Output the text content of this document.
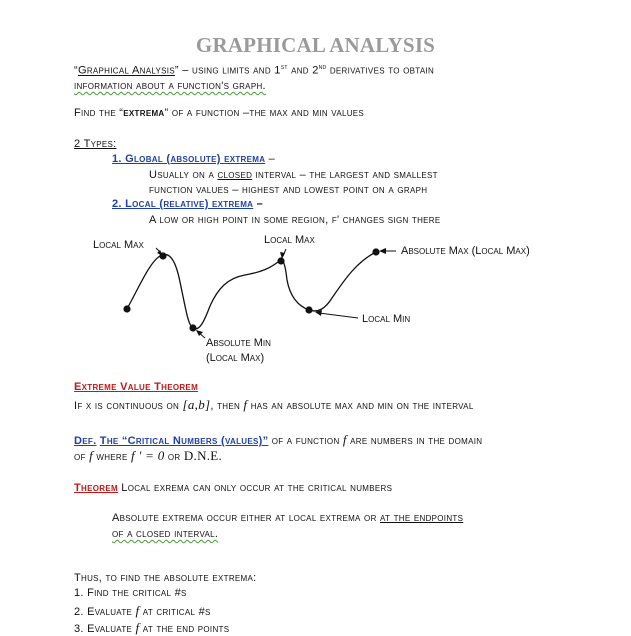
GRAPHICAL ANALYSIS
“Graphical Analysis” – using limits and 1st and 2nd derivatives to obtain
information about a function's graph.
Find the “extrema” of a function –the max and min values
2 Types:
1. Global (absolute) extrema –
Usually on a closed interval – the largest and smallest
function values – highest and lowest point on a graph
2. Local (relative) extrema –
A low or high point in some region, f' changes sign there
Local Max	Local Max
Absolute Max (Local Max)
Local Min
Absolute Min
(Local Max)
Extreme Value Theorem
If x is continuous on [a,b], then f has an absolute max and min on the interval
Def. The “Critical Numbers (values)” of a function f are numbers in the domain
of f where f ' = 0 or D.N.E.
Theorem Local exrema can only occur at the critical numbers
Absolute extrema occur either at local extrema or at the endpoints
of a closed interval.
Thus, to find the absolute extrema:
1. Find the critical #s
2. Evaluate f at critical #s
3. Evaluate f at the end points
